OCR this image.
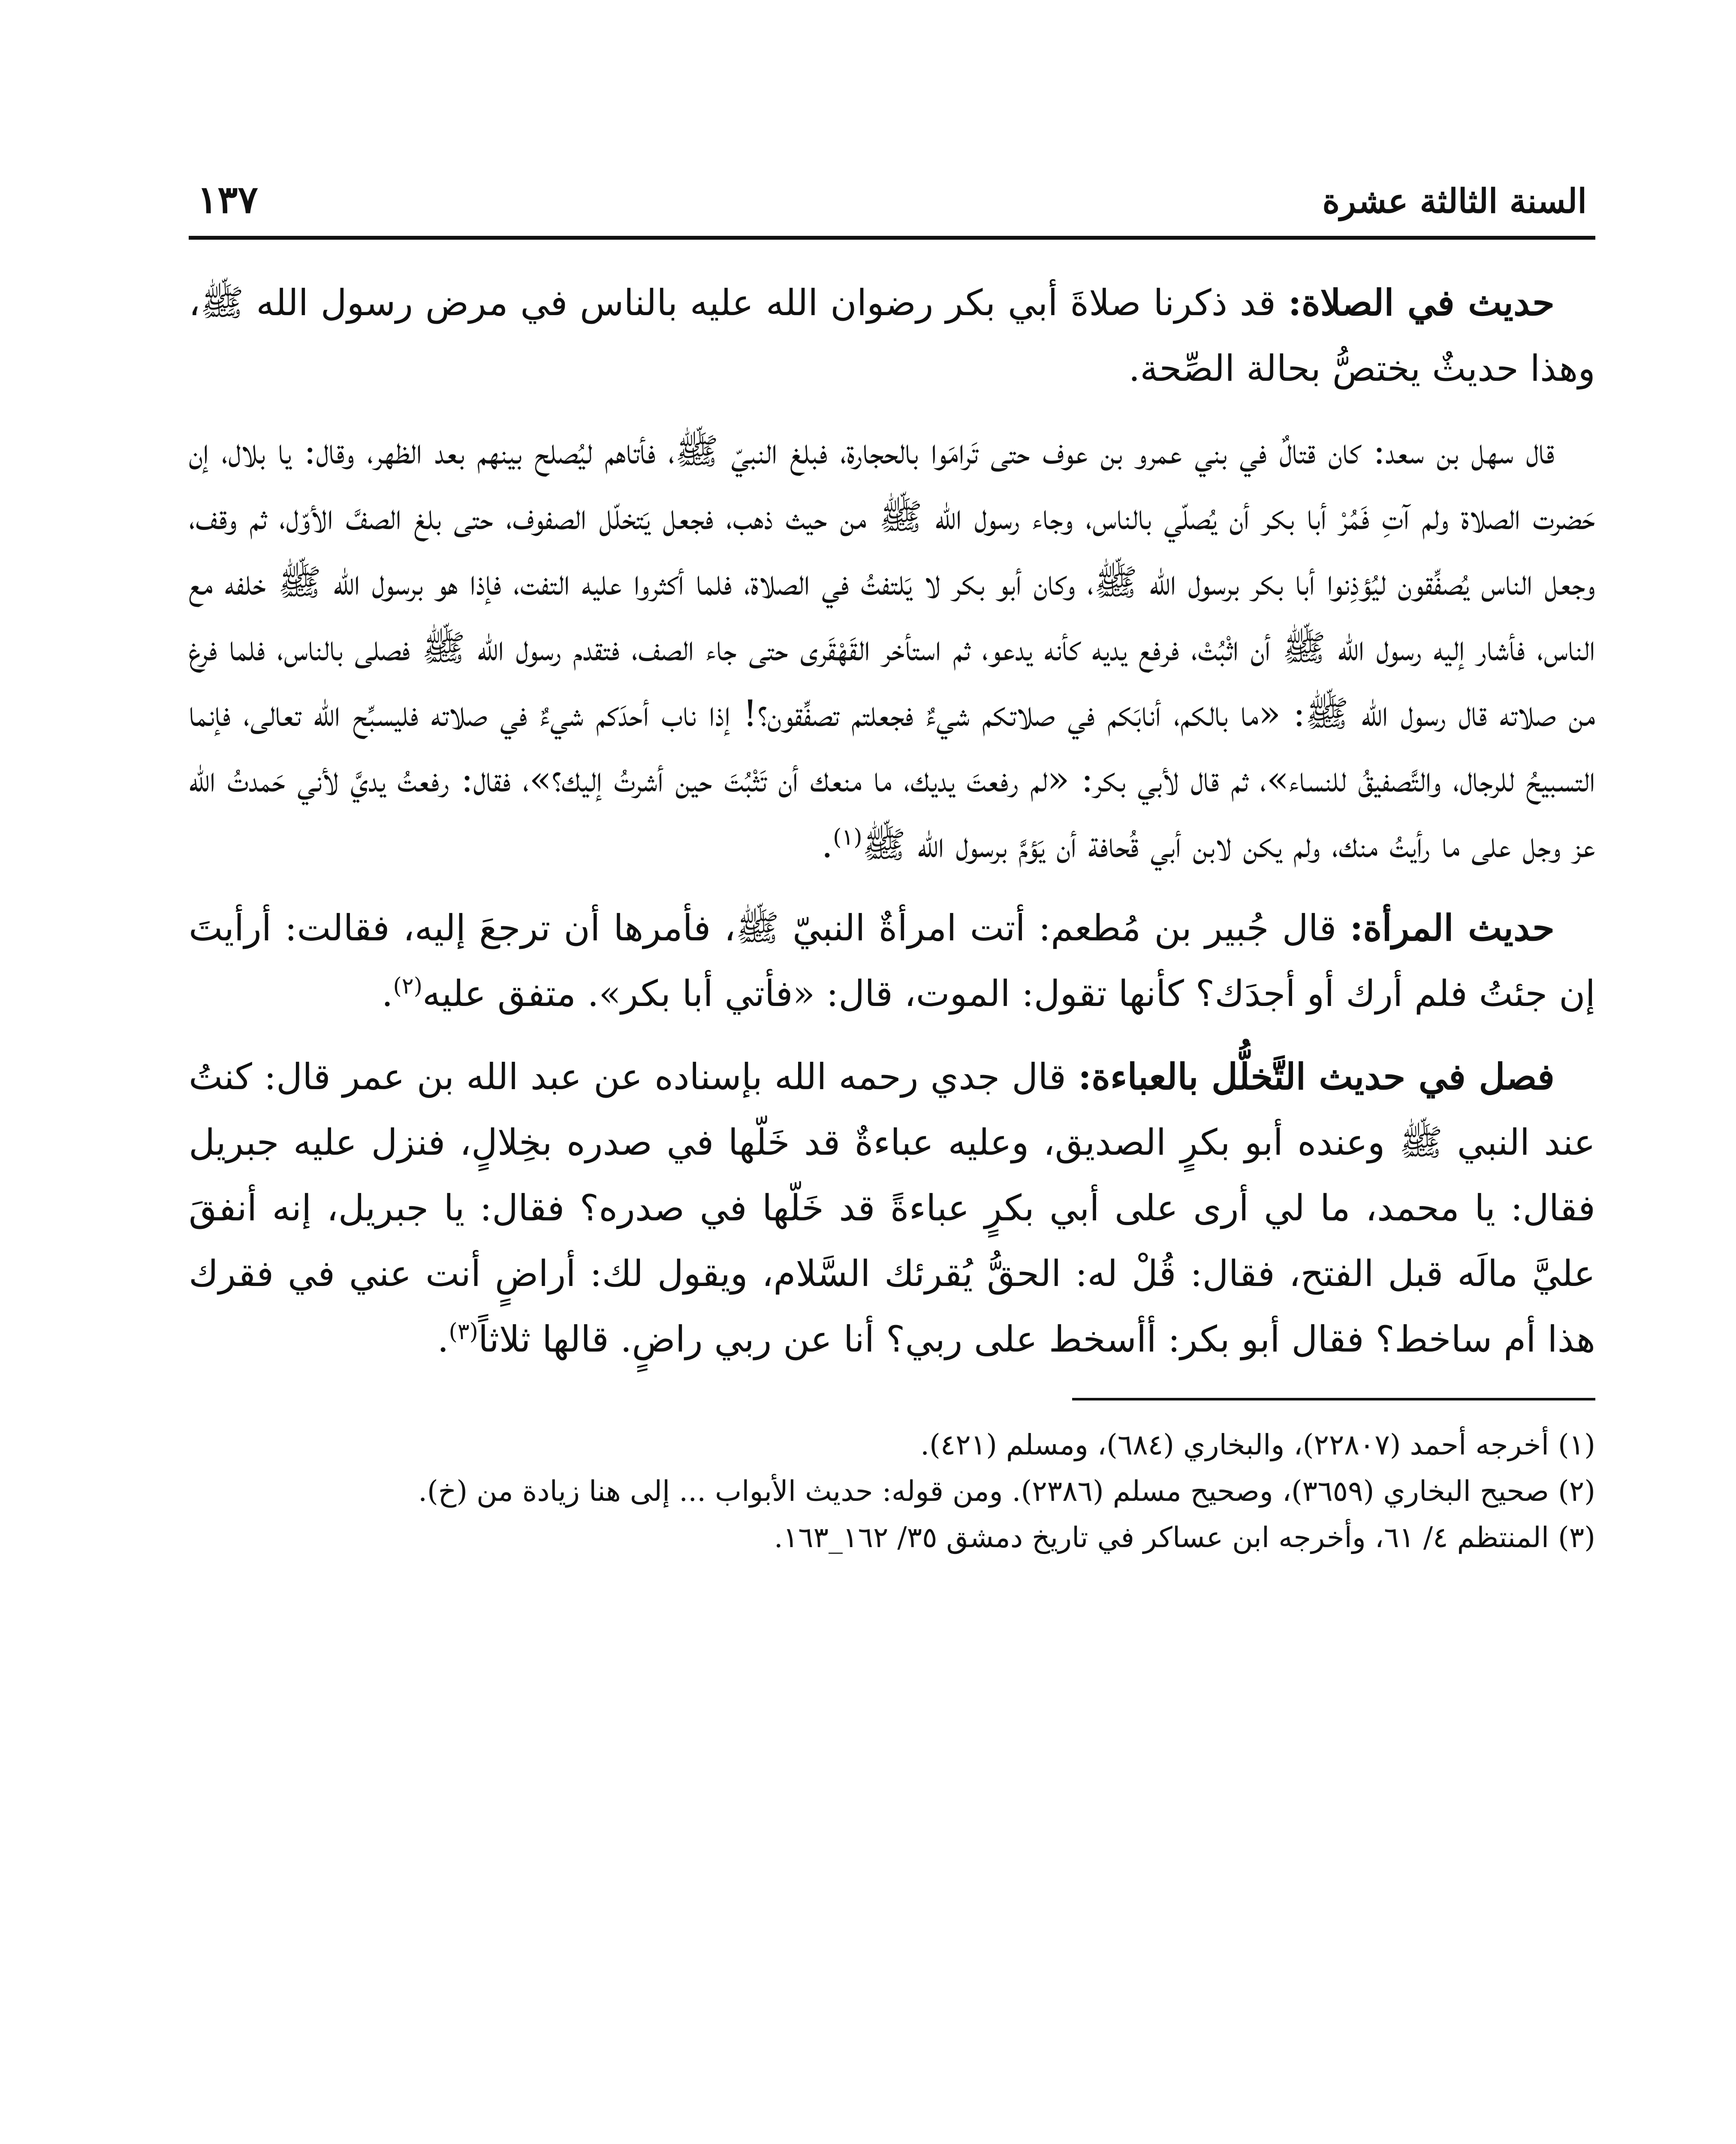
السنة الثالثة عشرة
١٣٧

حديث في الصلاة: قد ذكرنا صلاةَ أبي بكر رضوان الله عليه بالناس في مرض رسول الله ﷺ، وهذا حديثٌ يختصُّ بحالة الصِّحة.

قال سهل بن سعد: كان قتالٌ في بني عمرو بن عوف حتى تَرامَوا بالحجارة، فبلغ النبيّ ﷺ، فأتاهم ليُصلح بينهم بعد الظهر، وقال: يا بلال، إن حَضرت الصلاة ولم آتِ فَمُرْ أبا بكر أن يُصلّي بالناس، وجاء رسول الله ﷺ من حيث ذهب، فجعل يَتخلّل الصفوف، حتى بلغ الصفَّ الأوّل، ثم وقف، وجعل الناس يُصفِّقون ليُؤذِنوا أبا بكر برسول الله ﷺ، وكان أبو بكر لا يَلتفتُ في الصلاة، فلما أكثروا عليه التفت، فإذا هو برسول الله ﷺ خلفه مع الناس، فأشار إليه رسول الله ﷺ أن اثْبُتْ، فرفع يديه كأنه يدعو، ثم استأخر القَهْقَرى حتى جاء الصف، فتقدم رسول الله ﷺ فصلى بالناس، فلما فرغ من صلاته قال رسول الله ﷺ: «ما بالكم، أنابَكم في صلاتكم شيءٌ فجعلتم تصفِّقون؟! إذا ناب أحدَكم شيءٌ في صلاته فليسبِّح الله تعالى، فإنما التسبيحُ للرجال، والتَّصفيقُ للنساء»، ثم قال لأبي بكر: «لم رفعتَ يديك، ما منعك أن تَثْبُتَ حين أشرتُ إليك؟»، فقال: رفعتُ يديَّ لأني حَمدتُ الله عز وجل على ما رأيتُ منك، ولم يكن لابن أبي قُحافة أن يَؤمَّ برسول الله ﷺ$^{(١)}$.

حديث المرأة: قال جُبير بن مُطعم: أتت امرأةٌ النبيّ ﷺ، فأمرها أن ترجعَ إليه، فقالت: أرأيتَ إن جئتُ فلم أرك أو أجدَك؟ كأنها تقول: الموت، قال: «فأتي أبا بكر». متفق عليه$^{(٢)}$.

فصل في حديث التَّخلُّل بالعباءة: قال جدي رحمه الله بإسناده عن عبد الله بن عمر قال: كنتُ عند النبي ﷺ وعنده أبو بكرٍ الصديق، وعليه عباءةٌ قد خَلّها في صدره بخِلالٍ، فنزل عليه جبريل فقال: يا محمد، ما لي أرى على أبي بكرٍ عباءةً قد خَلّها في صدره؟ فقال: يا جبريل، إنه أنفقَ عليَّ مالَه قبل الفتح، فقال: قُلْ له: الحقُّ يُقرئك السَّلام، ويقول لك: أراضٍ أنت عني في فقرك هذا أم ساخط؟ فقال أبو بكر: أأسخط على ربي؟ أنا عن ربي راضٍ. قالها ثلاثاً$^{(٣)}$.

(١) أخرجه أحمد (٢٢٨٠٧)، والبخاري (٦٨٤)، ومسلم (٤٢١).

(٢) صحيح البخاري (٣٦٥٩)، وصحيح مسلم (٢٣٨٦). ومن قوله: حديث الأبواب ... إلى هنا زيادة من (خ).

(٣) المنتظم ٤/ ٦١، وأخرجه ابن عساكر في تاريخ دمشق ٣٥/ ١٦٢_١٦٣.
